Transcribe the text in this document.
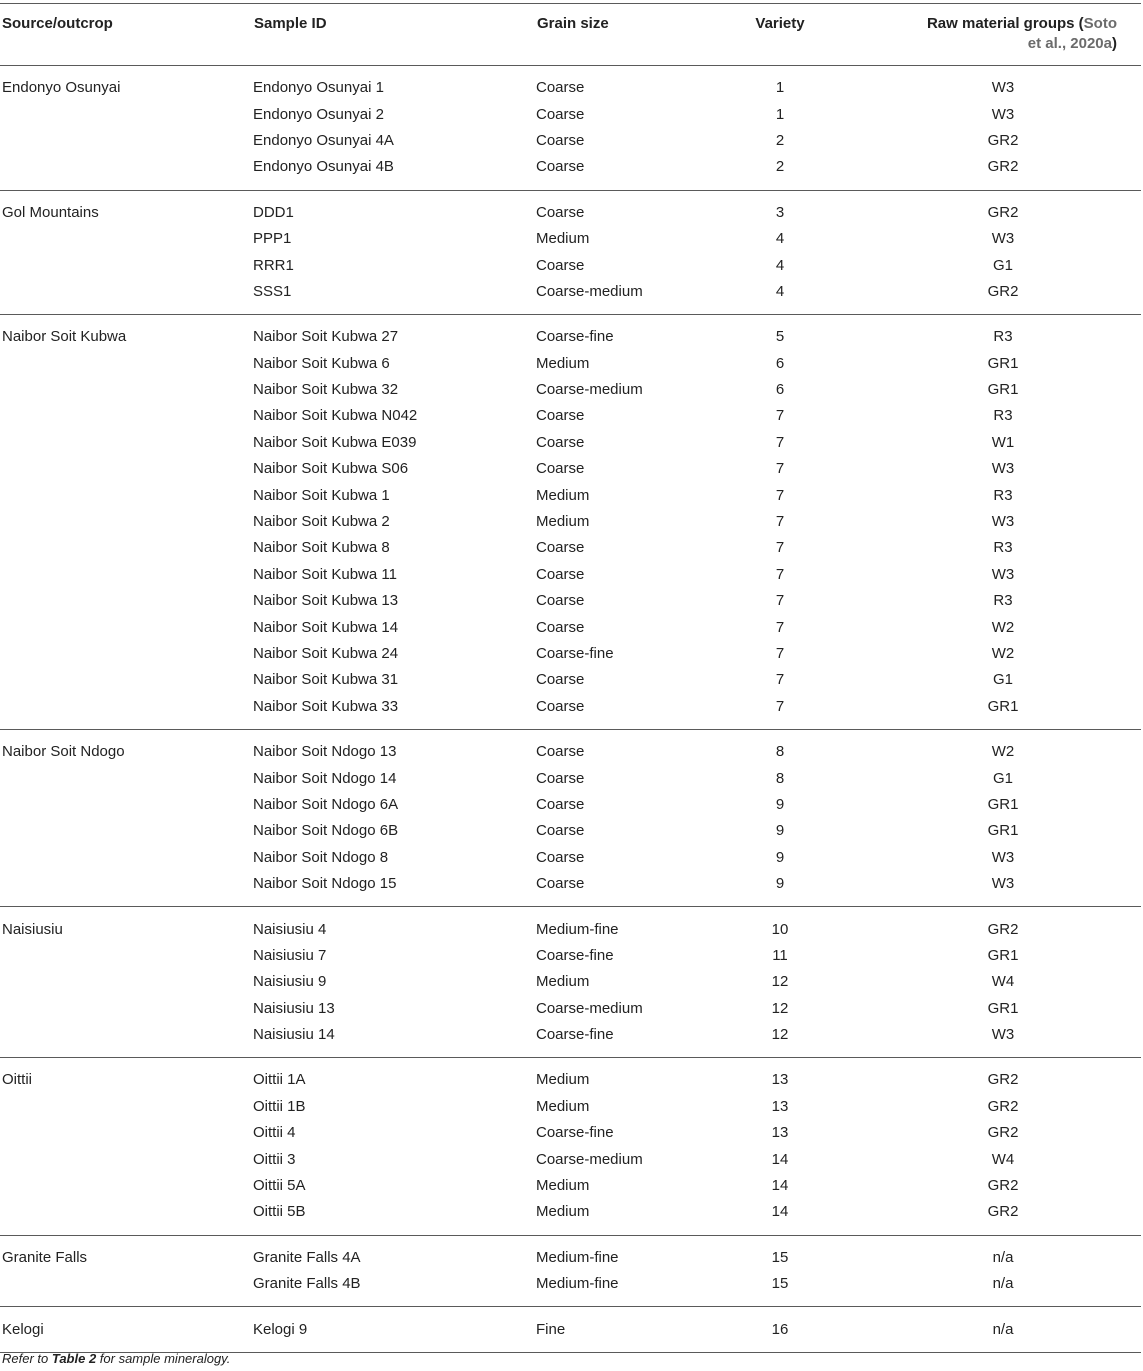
Source/outcrop	Sample ID	Grain size	Variety	Raw material groups (Soto
et al., 2020a)
Endonyo Osunyai	Endonyo Osunyai 1	Coarse	1	W3
	Endonyo Osunyai 2	Coarse	1	W3
	Endonyo Osunyai 4A	Coarse	2	GR2
	Endonyo Osunyai 4B	Coarse	2	GR2
Gol Mountains	DDD1	Coarse	3	GR2
	PPP1	Medium	4	W3
	RRR1	Coarse	4	G1
	SSS1	Coarse-medium	4	GR2
Naibor Soit Kubwa	Naibor Soit Kubwa 27	Coarse-fine	5	R3
	Naibor Soit Kubwa 6	Medium	6	GR1
	Naibor Soit Kubwa 32	Coarse-medium	6	GR1
	Naibor Soit Kubwa N042	Coarse	7	R3
	Naibor Soit Kubwa E039	Coarse	7	W1
	Naibor Soit Kubwa S06	Coarse	7	W3
	Naibor Soit Kubwa 1	Medium	7	R3
	Naibor Soit Kubwa 2	Medium	7	W3
	Naibor Soit Kubwa 8	Coarse	7	R3
	Naibor Soit Kubwa 11	Coarse	7	W3
	Naibor Soit Kubwa 13	Coarse	7	R3
	Naibor Soit Kubwa 14	Coarse	7	W2
	Naibor Soit Kubwa 24	Coarse-fine	7	W2
	Naibor Soit Kubwa 31	Coarse	7	G1
	Naibor Soit Kubwa 33	Coarse	7	GR1
Naibor Soit Ndogo	Naibor Soit Ndogo 13	Coarse	8	W2
	Naibor Soit Ndogo 14	Coarse	8	G1
	Naibor Soit Ndogo 6A	Coarse	9	GR1
	Naibor Soit Ndogo 6B	Coarse	9	GR1
	Naibor Soit Ndogo 8	Coarse	9	W3
	Naibor Soit Ndogo 15	Coarse	9	W3
Naisiusiu	Naisiusiu 4	Medium-fine	10	GR2
	Naisiusiu 7	Coarse-fine	11	GR1
	Naisiusiu 9	Medium	12	W4
	Naisiusiu 13	Coarse-medium	12	GR1
	Naisiusiu 14	Coarse-fine	12	W3
Oittii	Oittii 1A	Medium	13	GR2
	Oittii 1B	Medium	13	GR2
	Oittii 4	Coarse-fine	13	GR2
	Oittii 3	Coarse-medium	14	W4
	Oittii 5A	Medium	14	GR2
	Oittii 5B	Medium	14	GR2
Granite Falls	Granite Falls 4A	Medium-fine	15	n/a
	Granite Falls 4B	Medium-fine	15	n/a
Kelogi	Kelogi 9	Fine	16	n/a
Refer to Table 2 for sample mineralogy.
